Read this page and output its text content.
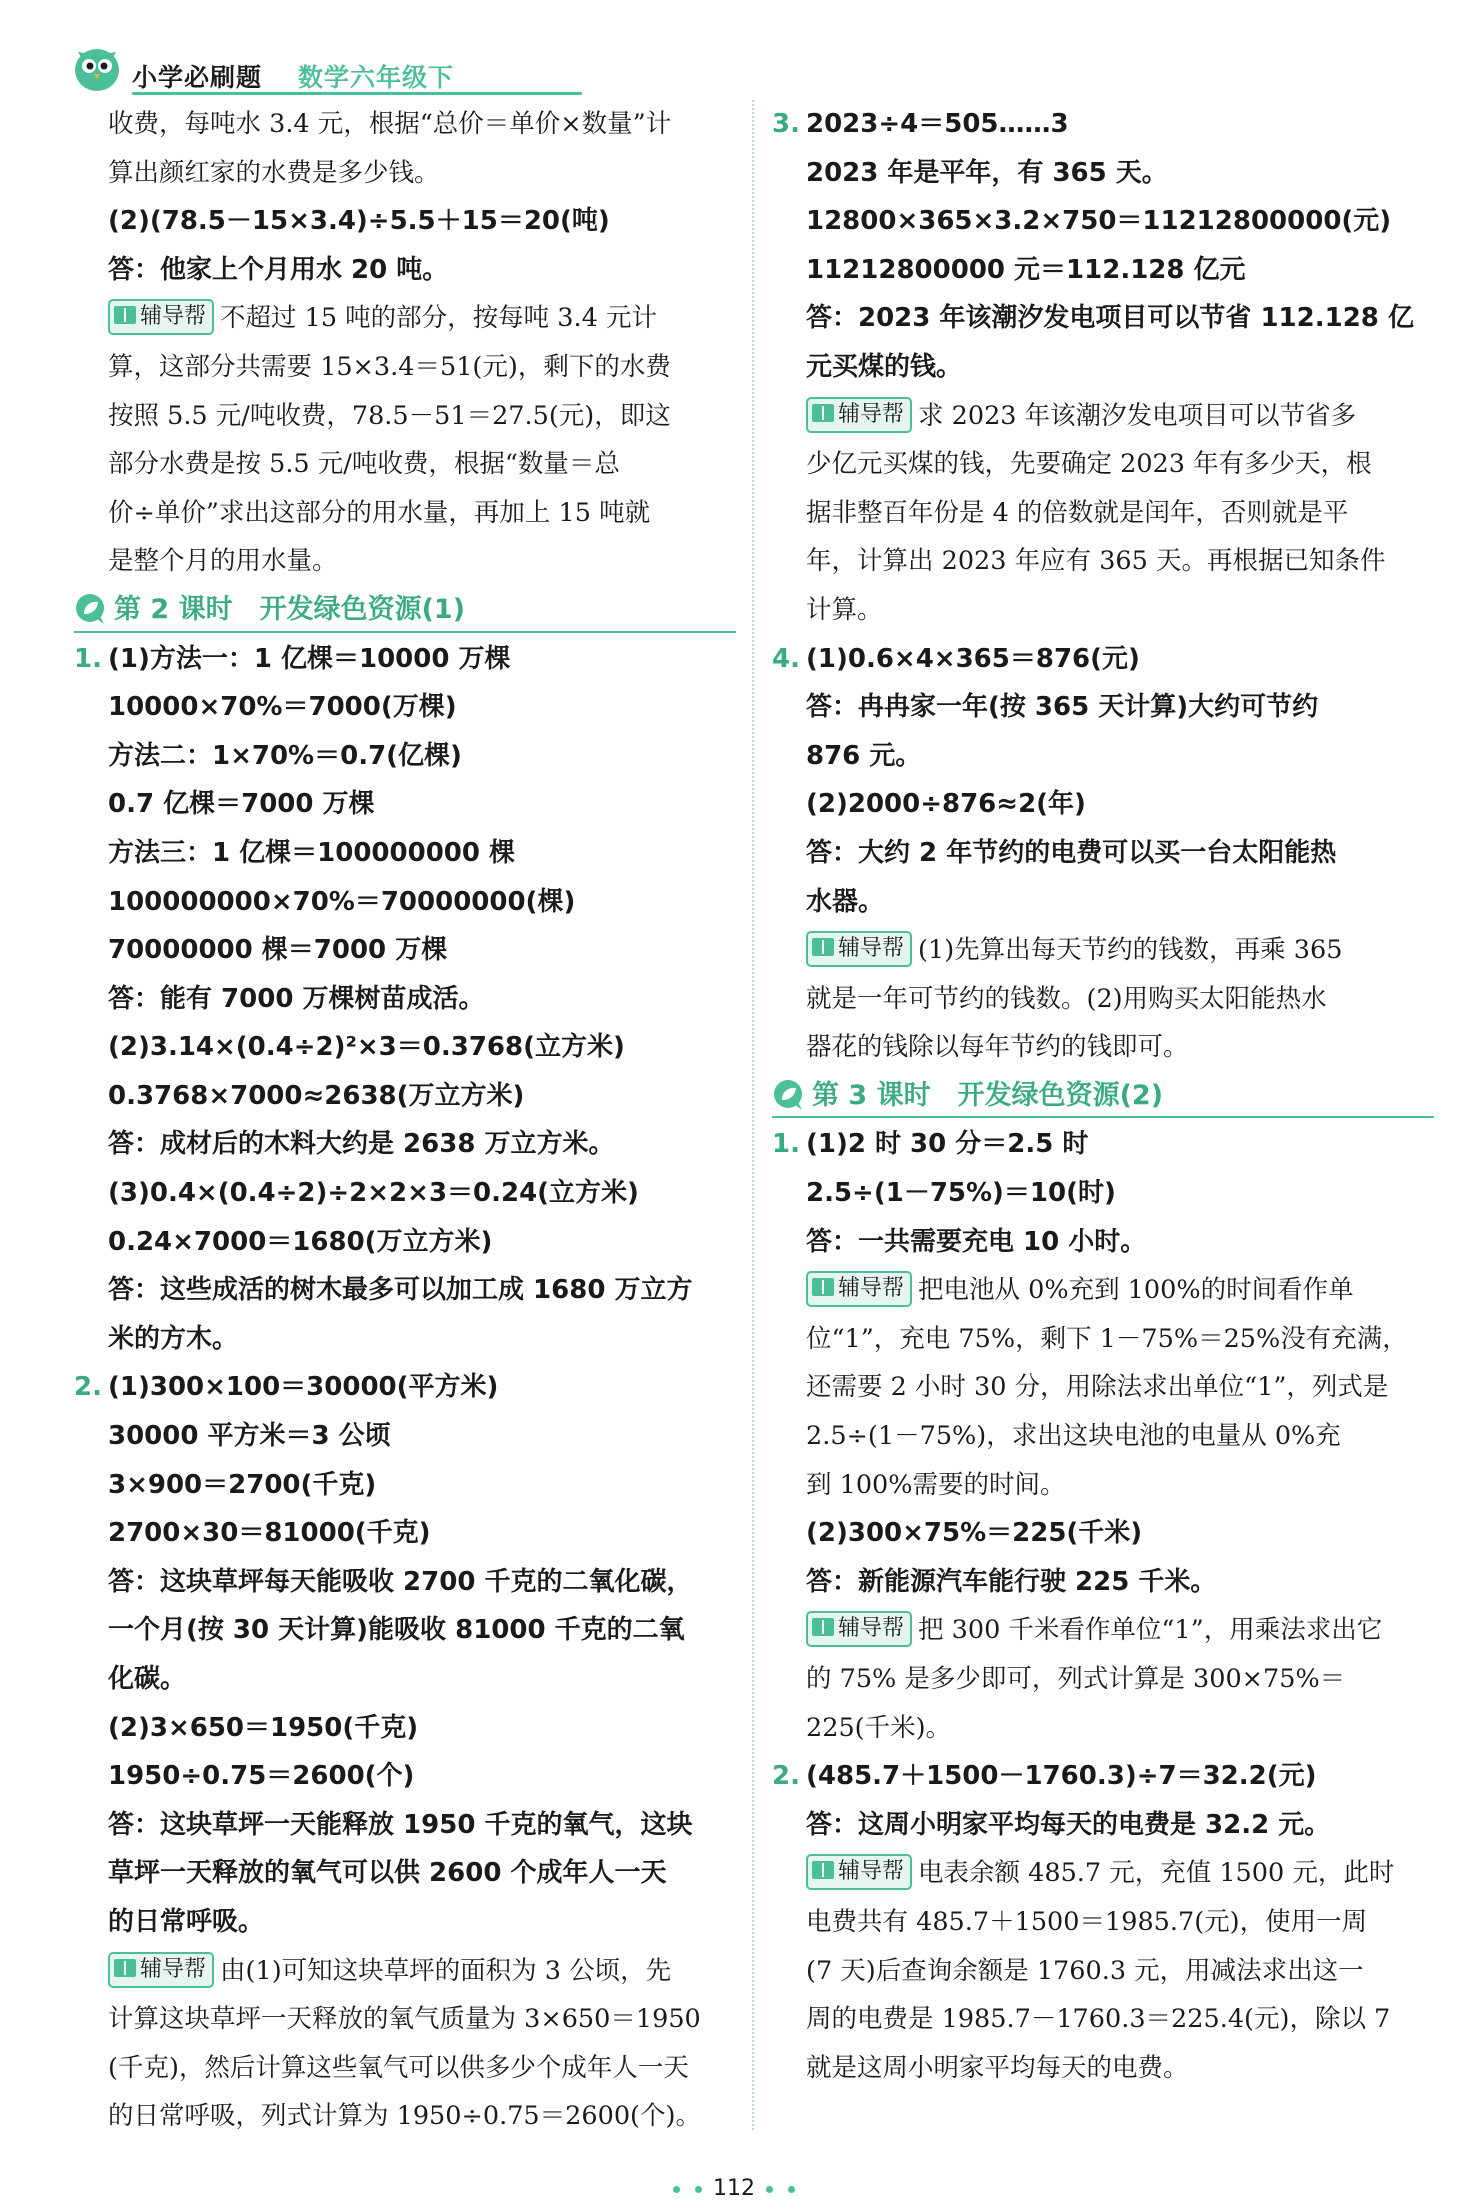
小学必刷题 数学六年级下
收费，每吨水 3.4 元，根据“总价＝单价×数量”计
算出颜红家的水费是多少钱。
(2)(78.5－15×3.4)÷5.5＋15＝20(吨)
答：他家上个月用水 20 吨。
辅导帮 不超过 15 吨的部分，按每吨 3.4 元计
算，这部分共需要 15×3.4＝51(元)，剩下的水费
按照 5.5 元/吨收费，78.5－51＝27.5(元)，即这
部分水费是按 5.5 元/吨收费，根据“数量＝总
价÷单价”求出这部分的用水量，再加上 15 吨就
是整个月的用水量。
第 2 课时　开发绿色资源(1)
1. (1)方法一：1 亿棵＝10000 万棵
10000×70%＝7000(万棵)
方法二：1×70%＝0.7(亿棵)
0.7 亿棵＝7000 万棵
方法三：1 亿棵＝100000000 棵
100000000×70%＝70000000(棵)
70000000 棵＝7000 万棵
答：能有 7000 万棵树苗成活。
(2)3.14×(0.4÷2)²×3＝0.3768(立方米)
0.3768×7000≈2638(万立方米)
答：成材后的木料大约是 2638 万立方米。
(3)0.4×(0.4÷2)÷2×2×3＝0.24(立方米)
0.24×7000＝1680(万立方米)
答：这些成活的树木最多可以加工成 1680 万立方
米的方木。
2. (1)300×100＝30000(平方米)
30000 平方米＝3 公顷
3×900＝2700(千克)
2700×30＝81000(千克)
答：这块草坪每天能吸收 2700 千克的二氧化碳，
一个月(按 30 天计算)能吸收 81000 千克的二氧
化碳。
(2)3×650＝1950(千克)
1950÷0.75＝2600(个)
答：这块草坪一天能释放 1950 千克的氧气，这块
草坪一天释放的氧气可以供 2600 个成年人一天
的日常呼吸。
辅导帮 由(1)可知这块草坪的面积为 3 公顷，先
计算这块草坪一天释放的氧气质量为 3×650＝1950
(千克)，然后计算这些氧气可以供多少个成年人一天
的日常呼吸，列式计算为 1950÷0.75＝2600(个)。
3. 2023÷4＝505……3
2023 年是平年，有 365 天。
12800×365×3.2×750＝11212800000(元)
11212800000 元＝112.128 亿元
答：2023 年该潮汐发电项目可以节省 112.128 亿
元买煤的钱。
辅导帮 求 2023 年该潮汐发电项目可以节省多
少亿元买煤的钱，先要确定 2023 年有多少天，根
据非整百年份是 4 的倍数就是闰年，否则就是平
年，计算出 2023 年应有 365 天。再根据已知条件
计算。
4. (1)0.6×4×365＝876(元)
答：冉冉家一年(按 365 天计算)大约可节约
876 元。
(2)2000÷876≈2(年)
答：大约 2 年节约的电费可以买一台太阳能热
水器。
辅导帮 (1)先算出每天节约的钱数，再乘 365
就是一年可节约的钱数。(2)用购买太阳能热水
器花的钱除以每年节约的钱即可。
第 3 课时　开发绿色资源(2)
1. (1)2 时 30 分＝2.5 时
2.5÷(1－75%)＝10(时)
答：一共需要充电 10 小时。
辅导帮 把电池从 0%充到 100%的时间看作单
位“1”，充电 75%，剩下 1－75%＝25%没有充满，
还需要 2 小时 30 分，用除法求出单位“1”，列式是
2.5÷(1－75%)，求出这块电池的电量从 0%充
到 100%需要的时间。
(2)300×75%＝225(千米)
答：新能源汽车能行驶 225 千米。
辅导帮 把 300 千米看作单位“1”，用乘法求出它
的 75% 是多少即可，列式计算是 300×75%＝
225(千米)。
2. (485.7＋1500－1760.3)÷7＝32.2(元)
答：这周小明家平均每天的电费是 32.2 元。
辅导帮 电表余额 485.7 元，充值 1500 元，此时
电费共有 485.7＋1500＝1985.7(元)，使用一周
(7 天)后查询余额是 1760.3 元，用减法求出这一
周的电费是 1985.7－1760.3＝225.4(元)，除以 7
就是这周小明家平均每天的电费。
112
